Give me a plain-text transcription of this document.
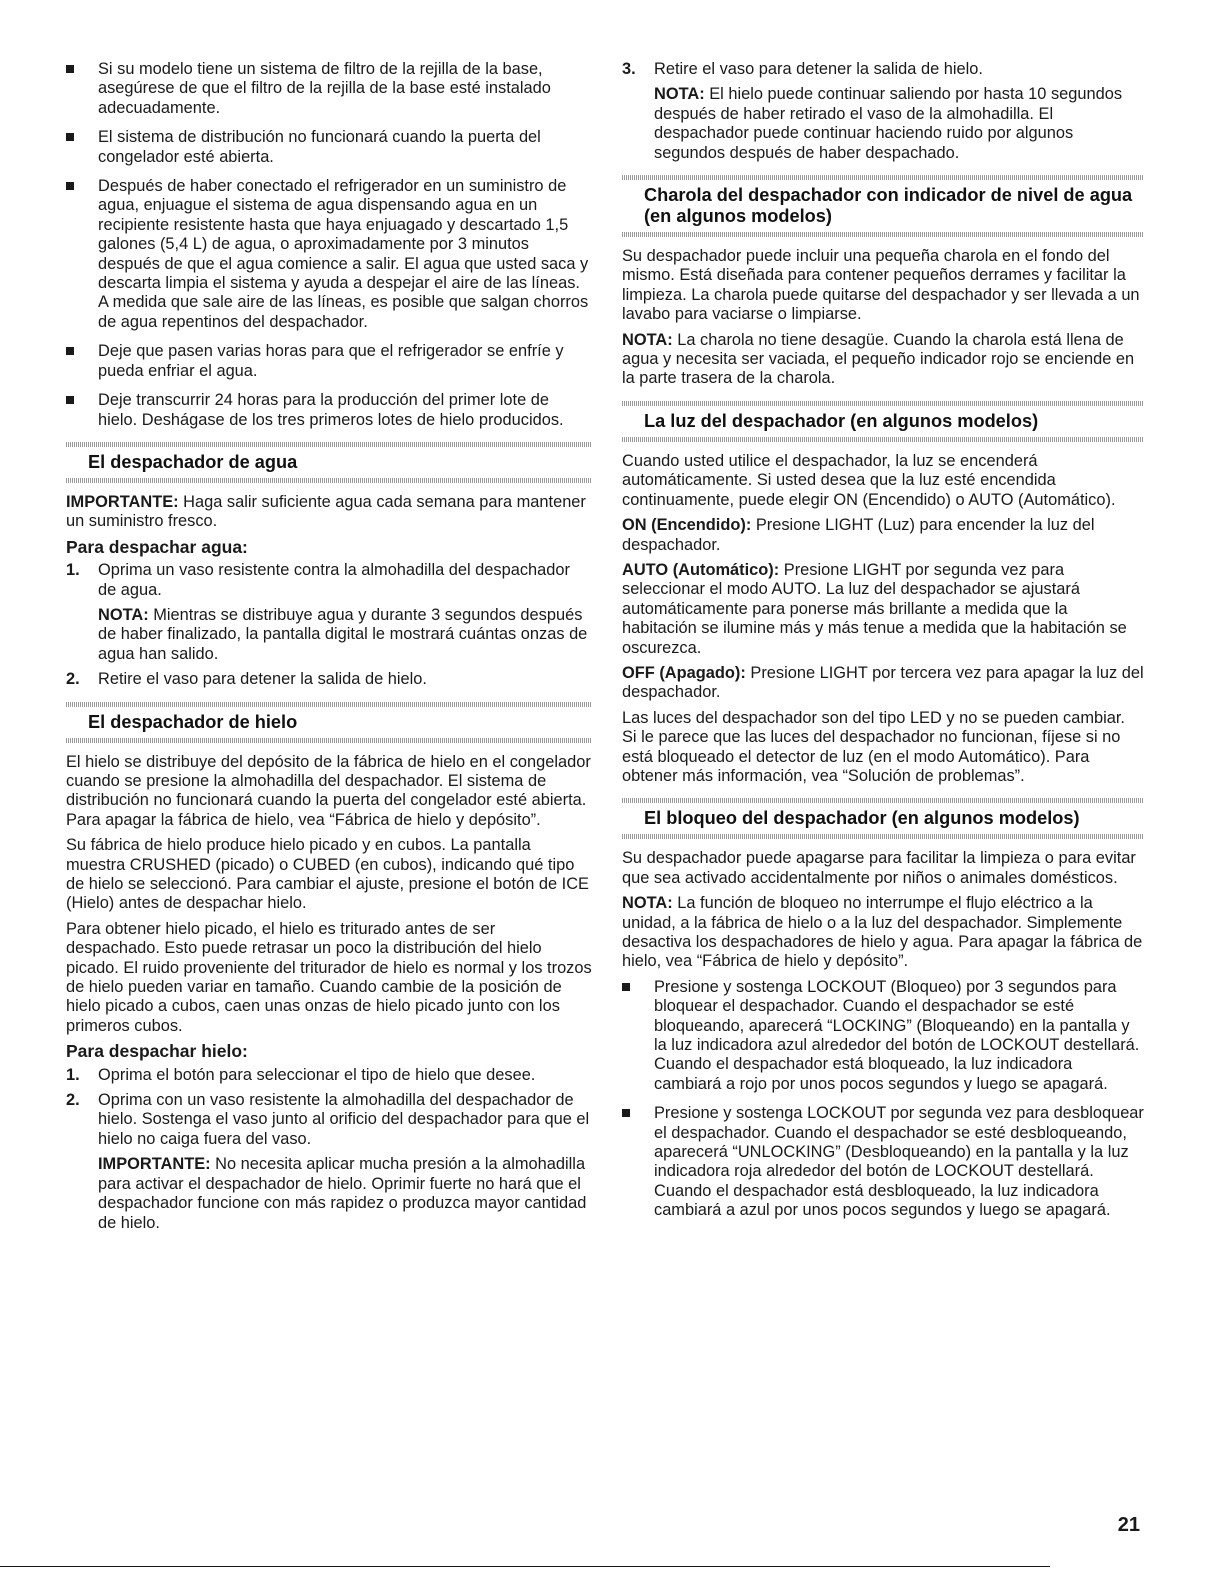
Si su modelo tiene un sistema de filtro de la rejilla de la base, asegúrese de que el filtro de la rejilla de la base esté instalado adecuadamente.
El sistema de distribución no funcionará cuando la puerta del congelador esté abierta.
Después de haber conectado el refrigerador en un suministro de agua, enjuague el sistema de agua dispensando agua en un recipiente resistente hasta que haya enjuagado y descartado 1,5 galones (5,4 L) de agua, o aproximadamente por 3 minutos después de que el agua comience a salir. El agua que usted saca y descarta limpia el sistema y ayuda a despejar el aire de las líneas. A medida que sale aire de las líneas, es posible que salgan chorros de agua repentinos del despachador.
Deje que pasen varias horas para que el refrigerador se enfríe y pueda enfriar el agua.
Deje transcurrir 24 horas para la producción del primer lote de hielo. Deshágase de los tres primeros lotes de hielo producidos.
El despachador de agua

IMPORTANTE: Haga salir suficiente agua cada semana para mantener un suministro fresco.

Para despachar agua:
1. Oprima un vaso resistente contra la almohadilla del despachador de agua.

NOTA: Mientras se distribuye agua y durante 3 segundos después de haber finalizado, la pantalla digital le mostrará cuántas onzas de agua han salido.

2. Retire el vaso para detener la salida de hielo.
El despachador de hielo

El hielo se distribuye del depósito de la fábrica de hielo en el congelador cuando se presione la almohadilla del despachador. El sistema de distribución no funcionará cuando la puerta del congelador esté abierta. Para apagar la fábrica de hielo, vea “Fábrica de hielo y depósito”.

Su fábrica de hielo produce hielo picado y en cubos. La pantalla muestra CRUSHED (picado) o CUBED (en cubos), indicando qué tipo de hielo se seleccionó. Para cambiar el ajuste, presione el botón de ICE (Hielo) antes de despachar hielo.

Para obtener hielo picado, el hielo es triturado antes de ser despachado. Esto puede retrasar un poco la distribución del hielo picado. El ruido proveniente del triturador de hielo es normal y los trozos de hielo pueden variar en tamaño. Cuando cambie de la posición de hielo picado a cubos, caen unas onzas de hielo picado junto con los primeros cubos.

Para despachar hielo:
1. Oprima el botón para seleccionar el tipo de hielo que desee.
2. Oprima con un vaso resistente la almohadilla del despachador de hielo. Sostenga el vaso junto al orificio del despachador para que el hielo no caiga fuera del vaso.

IMPORTANTE: No necesita aplicar mucha presión a la almohadilla para activar el despachador de hielo. Oprimir fuerte no hará que el despachador funcione con más rapidez o produzca mayor cantidad de hielo.

3. Retire el vaso para detener la salida de hielo.

NOTA: El hielo puede continuar saliendo por hasta 10 segundos después de haber retirado el vaso de la almohadilla. El despachador puede continuar haciendo ruido por algunos segundos después de haber despachado.

Charola del despachador con indicador de nivel de agua (en algunos modelos)

Su despachador puede incluir una pequeña charola en el fondo del mismo. Está diseñada para contener pequeños derrames y facilitar la limpieza. La charola puede quitarse del despachador y ser llevada a un lavabo para vaciarse o limpiarse.

NOTA: La charola no tiene desagüe. Cuando la charola está llena de agua y necesita ser vaciada, el pequeño indicador rojo se enciende en la parte trasera de la charola.

La luz del despachador (en algunos modelos)

Cuando usted utilice el despachador, la luz se encenderá automáticamente. Si usted desea que la luz esté encendida continuamente, puede elegir ON (Encendido) o AUTO (Automático).

ON (Encendido): Presione LIGHT (Luz) para encender la luz del despachador.

AUTO (Automático): Presione LIGHT por segunda vez para seleccionar el modo AUTO. La luz del despachador se ajustará automáticamente para ponerse más brillante a medida que la habitación se ilumine más y más tenue a medida que la habitación se oscurezca.

OFF (Apagado): Presione LIGHT por tercera vez para apagar la luz del despachador.

Las luces del despachador son del tipo LED y no se pueden cambiar. Si le parece que las luces del despachador no funcionan, fíjese si no está bloqueado el detector de luz (en el modo Automático). Para obtener más información, vea “Solución de problemas”.

El bloqueo del despachador (en algunos modelos)

Su despachador puede apagarse para facilitar la limpieza o para evitar que sea activado accidentalmente por niños o animales domésticos.

NOTA: La función de bloqueo no interrumpe el flujo eléctrico a la unidad, a la fábrica de hielo o a la luz del despachador. Simplemente desactiva los despachadores de hielo y agua. Para apagar la fábrica de hielo, vea “Fábrica de hielo y depósito”.

Presione y sostenga LOCKOUT (Bloqueo) por 3 segundos para bloquear el despachador. Cuando el despachador se esté bloqueando, aparecerá “LOCKING” (Bloqueando) en la pantalla y la luz indicadora azul alrededor del botón de LOCKOUT destellará. Cuando el despachador está bloqueado, la luz indicadora cambiará a rojo por unos pocos segundos y luego se apagará.
Presione y sostenga LOCKOUT por segunda vez para desbloquear el despachador. Cuando el despachador se esté desbloqueando, aparecerá “UNLOCKING” (Desbloqueando) en la pantalla y la luz indicadora roja alrededor del botón de LOCKOUT destellará. Cuando el despachador está desbloqueado, la luz indicadora cambiará a azul por unos pocos segundos y luego se apagará.
21
